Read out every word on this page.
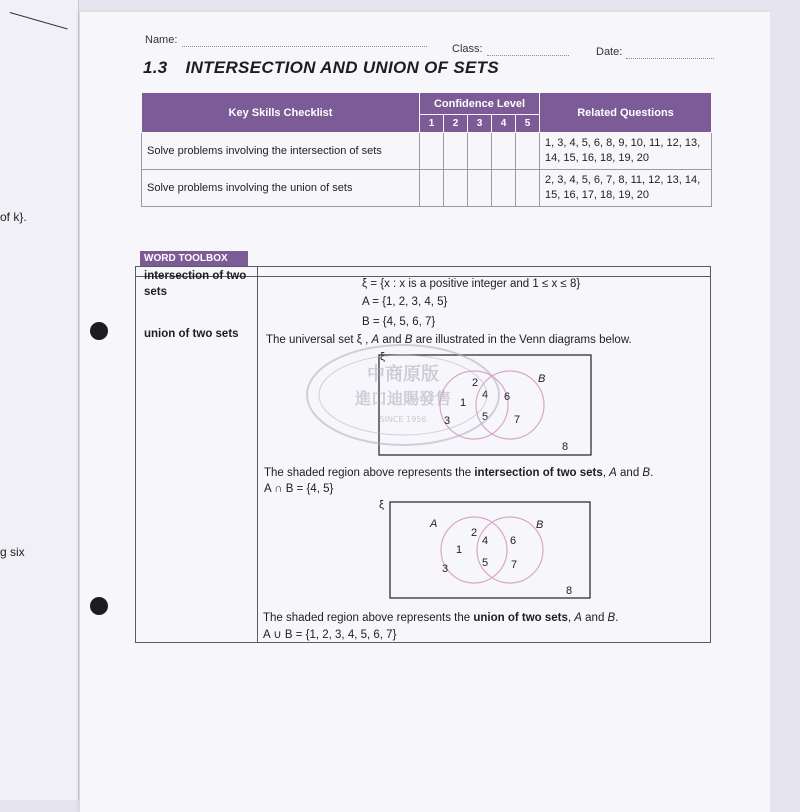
of k}.
g six
Name:
Class:	Date:
1.3 INTERSECTION AND UNION OF SETS
Key Skills Checklist	Confidence Level					Related Questions
	1	2	3	4	5	
Solve problems involving the intersection of sets						1, 3, 4, 5, 6, 8, 9, 10, 11, 12, 13, 14, 15, 16, 18, 19, 20
Solve problems involving the union of sets						2, 3, 4, 5, 6, 7, 8, 11, 12, 13, 14, 15, 16, 17, 18, 19, 20
WORD TOOLBOX
intersection of two sets
union of two sets
ξ = {x : x is a positive integer and 1 ≤ x ≤ 8}
A = {1, 2, 3, 4, 5}
B = {4, 5, 6, 7}
The universal set ξ , A and B are illustrated in the Venn diagrams below.
ξ
B
1
2
3
4
5
6
7
8
The shaded region above represents the intersection of two sets, A and B.
A ∩ B = {4, 5}
ξ
A	B
1
2
3
4
5
6
7
8
The shaded region above represents the union of two sets, A and B.
A ∪ B = {1, 2, 3, 4, 5, 6, 7}
中商原版
進口迪賜發售
SINCE 1956
